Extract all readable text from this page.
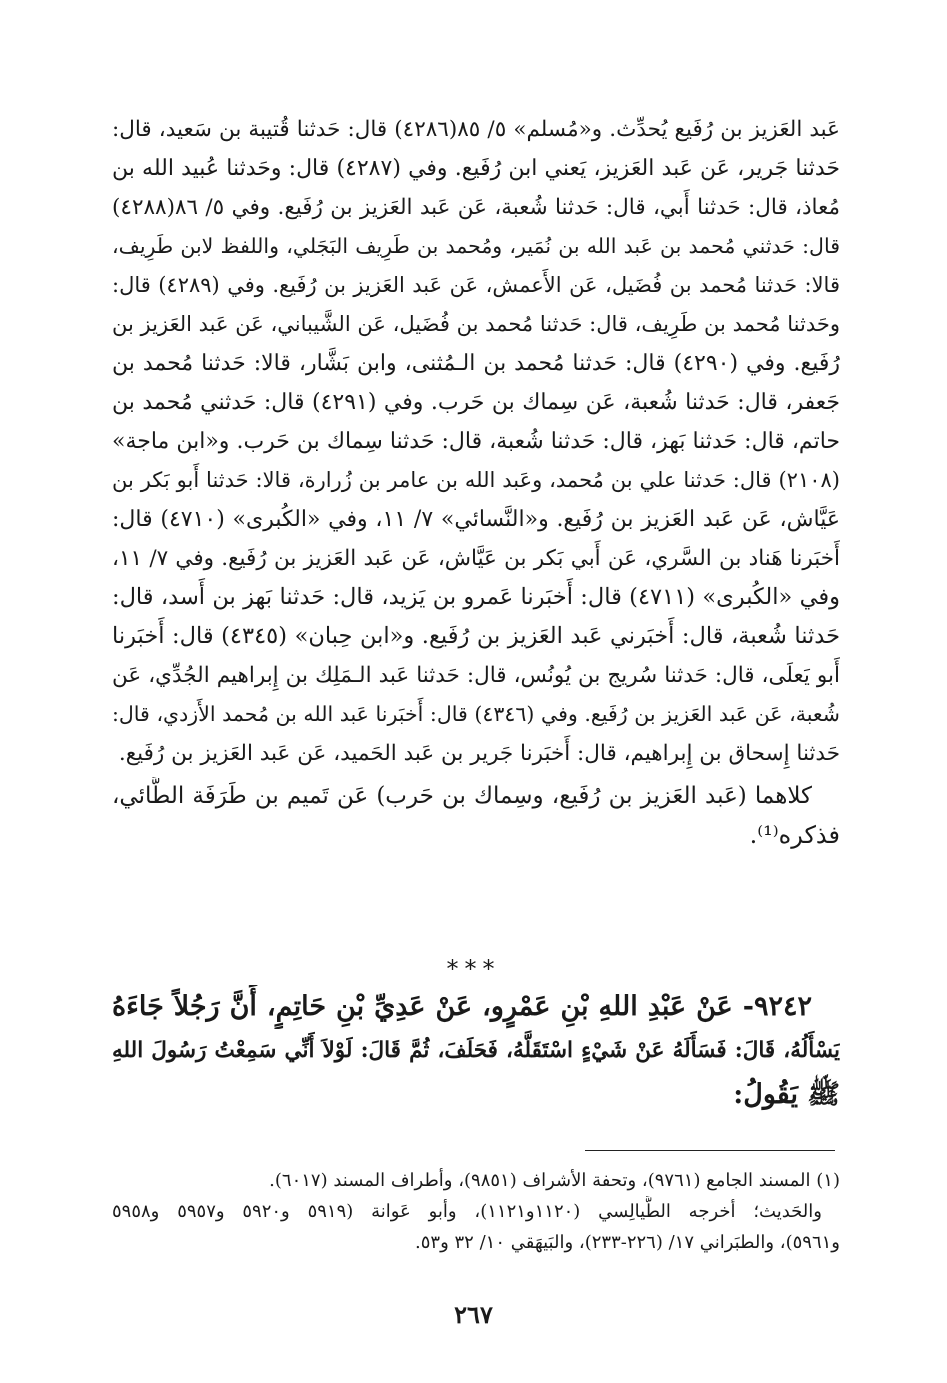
عَبد العَزيز بن رُفَيع يُحدِّث. و«مُسلم» ٥/ ٨٥(٤٢٨٦) قال: حَدثنا قُتيبة بن سَعيد، قال:
حَدثنا جَرير، عَن عَبد العَزيز، يَعني ابن رُفَيع. وفي (٤٢٨٧) قال: وحَدثنا عُبيد الله بن
مُعاذ، قال: حَدثنا أَبي، قال: حَدثنا شُعبة، عَن عَبد العَزيز بن رُفَيع. وفي ٥/ ٨٦(٤٢٨٨)
قال: حَدثني مُحمد بن عَبد الله بن نُمَير، ومُحمد بن طَرِيف البَجَلي، واللفظ لابن طَرِيف،
قالا: حَدثنا مُحمد بن فُضَيل، عَن الأَعمش، عَن عَبد العَزيز بن رُفَيع. وفي (٤٢٨٩) قال:
وحَدثنا مُحمد بن طَرِيف، قال: حَدثنا مُحمد بن فُضَيل، عَن الشَّيباني، عَن عَبد العَزيز بن
رُفَيع. وفي (٤٢٩٠) قال: حَدثنا مُحمد بن الـمُثنى، وابن بَشَّار، قالا: حَدثنا مُحمد بن
جَعفر، قال: حَدثنا شُعبة، عَن سِماك بن حَرب. وفي (٤٢٩١) قال: حَدثني مُحمد بن
حاتم، قال: حَدثنا بَهز، قال: حَدثنا شُعبة، قال: حَدثنا سِماك بن حَرب. و«ابن ماجة»
(٢١٠٨) قال: حَدثنا علي بن مُحمد، وعَبد الله بن عامر بن زُرارة، قالا: حَدثنا أَبو بَكر بن
عَيَّاش، عَن عَبد العَزيز بن رُفَيع. و«النَّسائي» ٧/ ١١، وفي «الكُبرى» (٤٧١٠) قال:
أَخبَرنا هَناد بن السَّري، عَن أَبي بَكر بن عَيَّاش، عَن عَبد العَزيز بن رُفَيع. وفي ٧/ ١١،
وفي «الكُبرى» (٤٧١١) قال: أَخبَرنا عَمرو بن يَزيد، قال: حَدثنا بَهز بن أَسد، قال:
حَدثنا شُعبة، قال: أَخبَرني عَبد العَزيز بن رُفَيع. و«ابن حِبان» (٤٣٤٥) قال: أَخبَرنا
أَبو يَعلَى، قال: حَدثنا سُريج بن يُونُس، قال: حَدثنا عَبد الـمَلِك بن إِبراهيم الجُدِّي، عَن
شُعبة، عَن عَبد العَزيز بن رُفَيع. وفي (٤٣٤٦) قال: أَخبَرنا عَبد الله بن مُحمد الأَزدي، قال:
حَدثنا إِسحاق بن إِبراهيم، قال: أَخبَرنا جَرير بن عَبد الحَميد، عَن عَبد العَزيز بن رُفَيع.
كلاهما (عَبد العَزيز بن رُفَيع، وسِماك بن حَرب) عَن تَميم بن طَرَفَة الطَّائي،
فذكره⁽¹⁾.
***
٩٢٤٢- عَنْ عَبْدِ اللهِ بْنِ عَمْرٍو، عَنْ عَدِيِّ بْنِ حَاتِمٍ، أَنَّ رَجُلاً جَاءَهُ
يَسْأَلُهُ، قَالَ: فَسَأَلَهُ عَنْ شَيْءٍ اسْتَقَلَّهُ، فَحَلَفَ، ثُمَّ قَالَ: لَوْلاَ أَنِّي سَمِعْتُ رَسُولَ اللهِ
ﷺ يَقُولُ:
(١) المسند الجامع (٩٧٦١)، وتحفة الأشراف (٩٨٥١)، وأطراف المسند (٦٠١٧).
والحَديث؛ أخرجه الطَّيالِسي (١١٢٠و١١٢١)، وأبو عَوانة (٥٩١٩ و٥٩٢٠ و٥٩٥٧ و٥٩٥٨
و٥٩٦١)، والطبَراني ١٧/ (٢٢٦-٢٣٣)، والبَيهَقي ١٠/ ٣٢ و٥٣.
٢٦٧
